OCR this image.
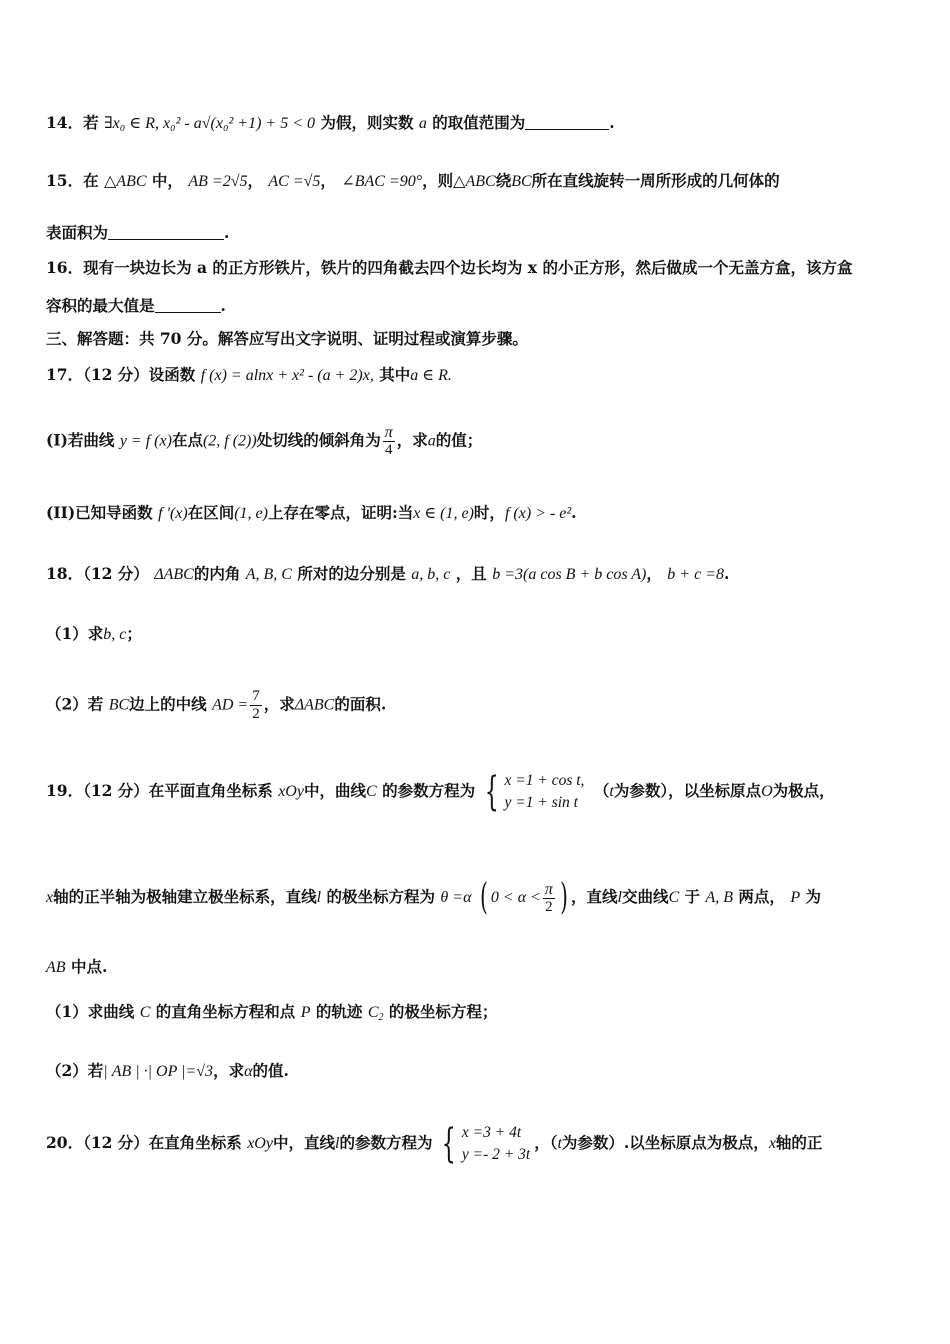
14．若 ∃x₀ ∈ R, x₀² - a√(x₀² +1) + 5 < 0 为假，则实数 a 的取值范围为	.
15．在 △ABC 中， AB =2√5， AC =√5， ∠BAC =90°，则△ABC绕BC所在直线旋转一周所形成的几何体的
表面积为	.
16．现有一块边长为 a 的正方形铁片，铁片的四角截去四个边长均为 x 的小正方形，然后做成一个无盖方盒，该方盒
容积的最大值是	.
三、解答题：共 70 分。解答应写出文字说明、证明过程或演算步骤。
17．（12 分）设函数 f (x) = alnx + x² - (a + 2)x, 其中a ∈ R.
(I)若曲线 y = f (x)在点(2, f (2))处切线的倾斜角为 $\frac{\pi}{4}$ ，求a的值；
(II)已知导函数 f '(x)在区间(1, e)上存在零点，证明:当x ∈ (1, e)时，f (x) > - e².
18．（12 分） ΔABC的内角 A, B, C 所对的边分别是 a, b, c ，且 b =3(a cos B + b cos A)， b + c =8.
（1）求b, c；
（2）若 BC边上的中线 AD = $\frac{7}{2}$ ，求ΔABC的面积.
19．（12 分）在平面直角坐标系 xOy中，曲线C 的参数方程为 { x =1 + cos t,
y =1 + sin t
（t为参数），以坐标原点O为极点，
x轴的正半轴为极轴建立极坐标系，直线l 的极坐标方程为 θ =α ( $0 < \alpha < \frac{\pi}{2}$ ) ，直线l交曲线C 于 A, B 两点， P 为
AB 中点.
（1）求曲线 C 的直角坐标方程和点 P 的轨迹 C2 的极坐标方程；
（2）若| AB | ·| OP |=√3，求α的值.
20．（12 分）在直角坐标系 xOy中，直线l的参数方程为 { x =3 + 4t
y =- 2 + 3t
，（t为参数）.以坐标原点为极点，x轴的正
